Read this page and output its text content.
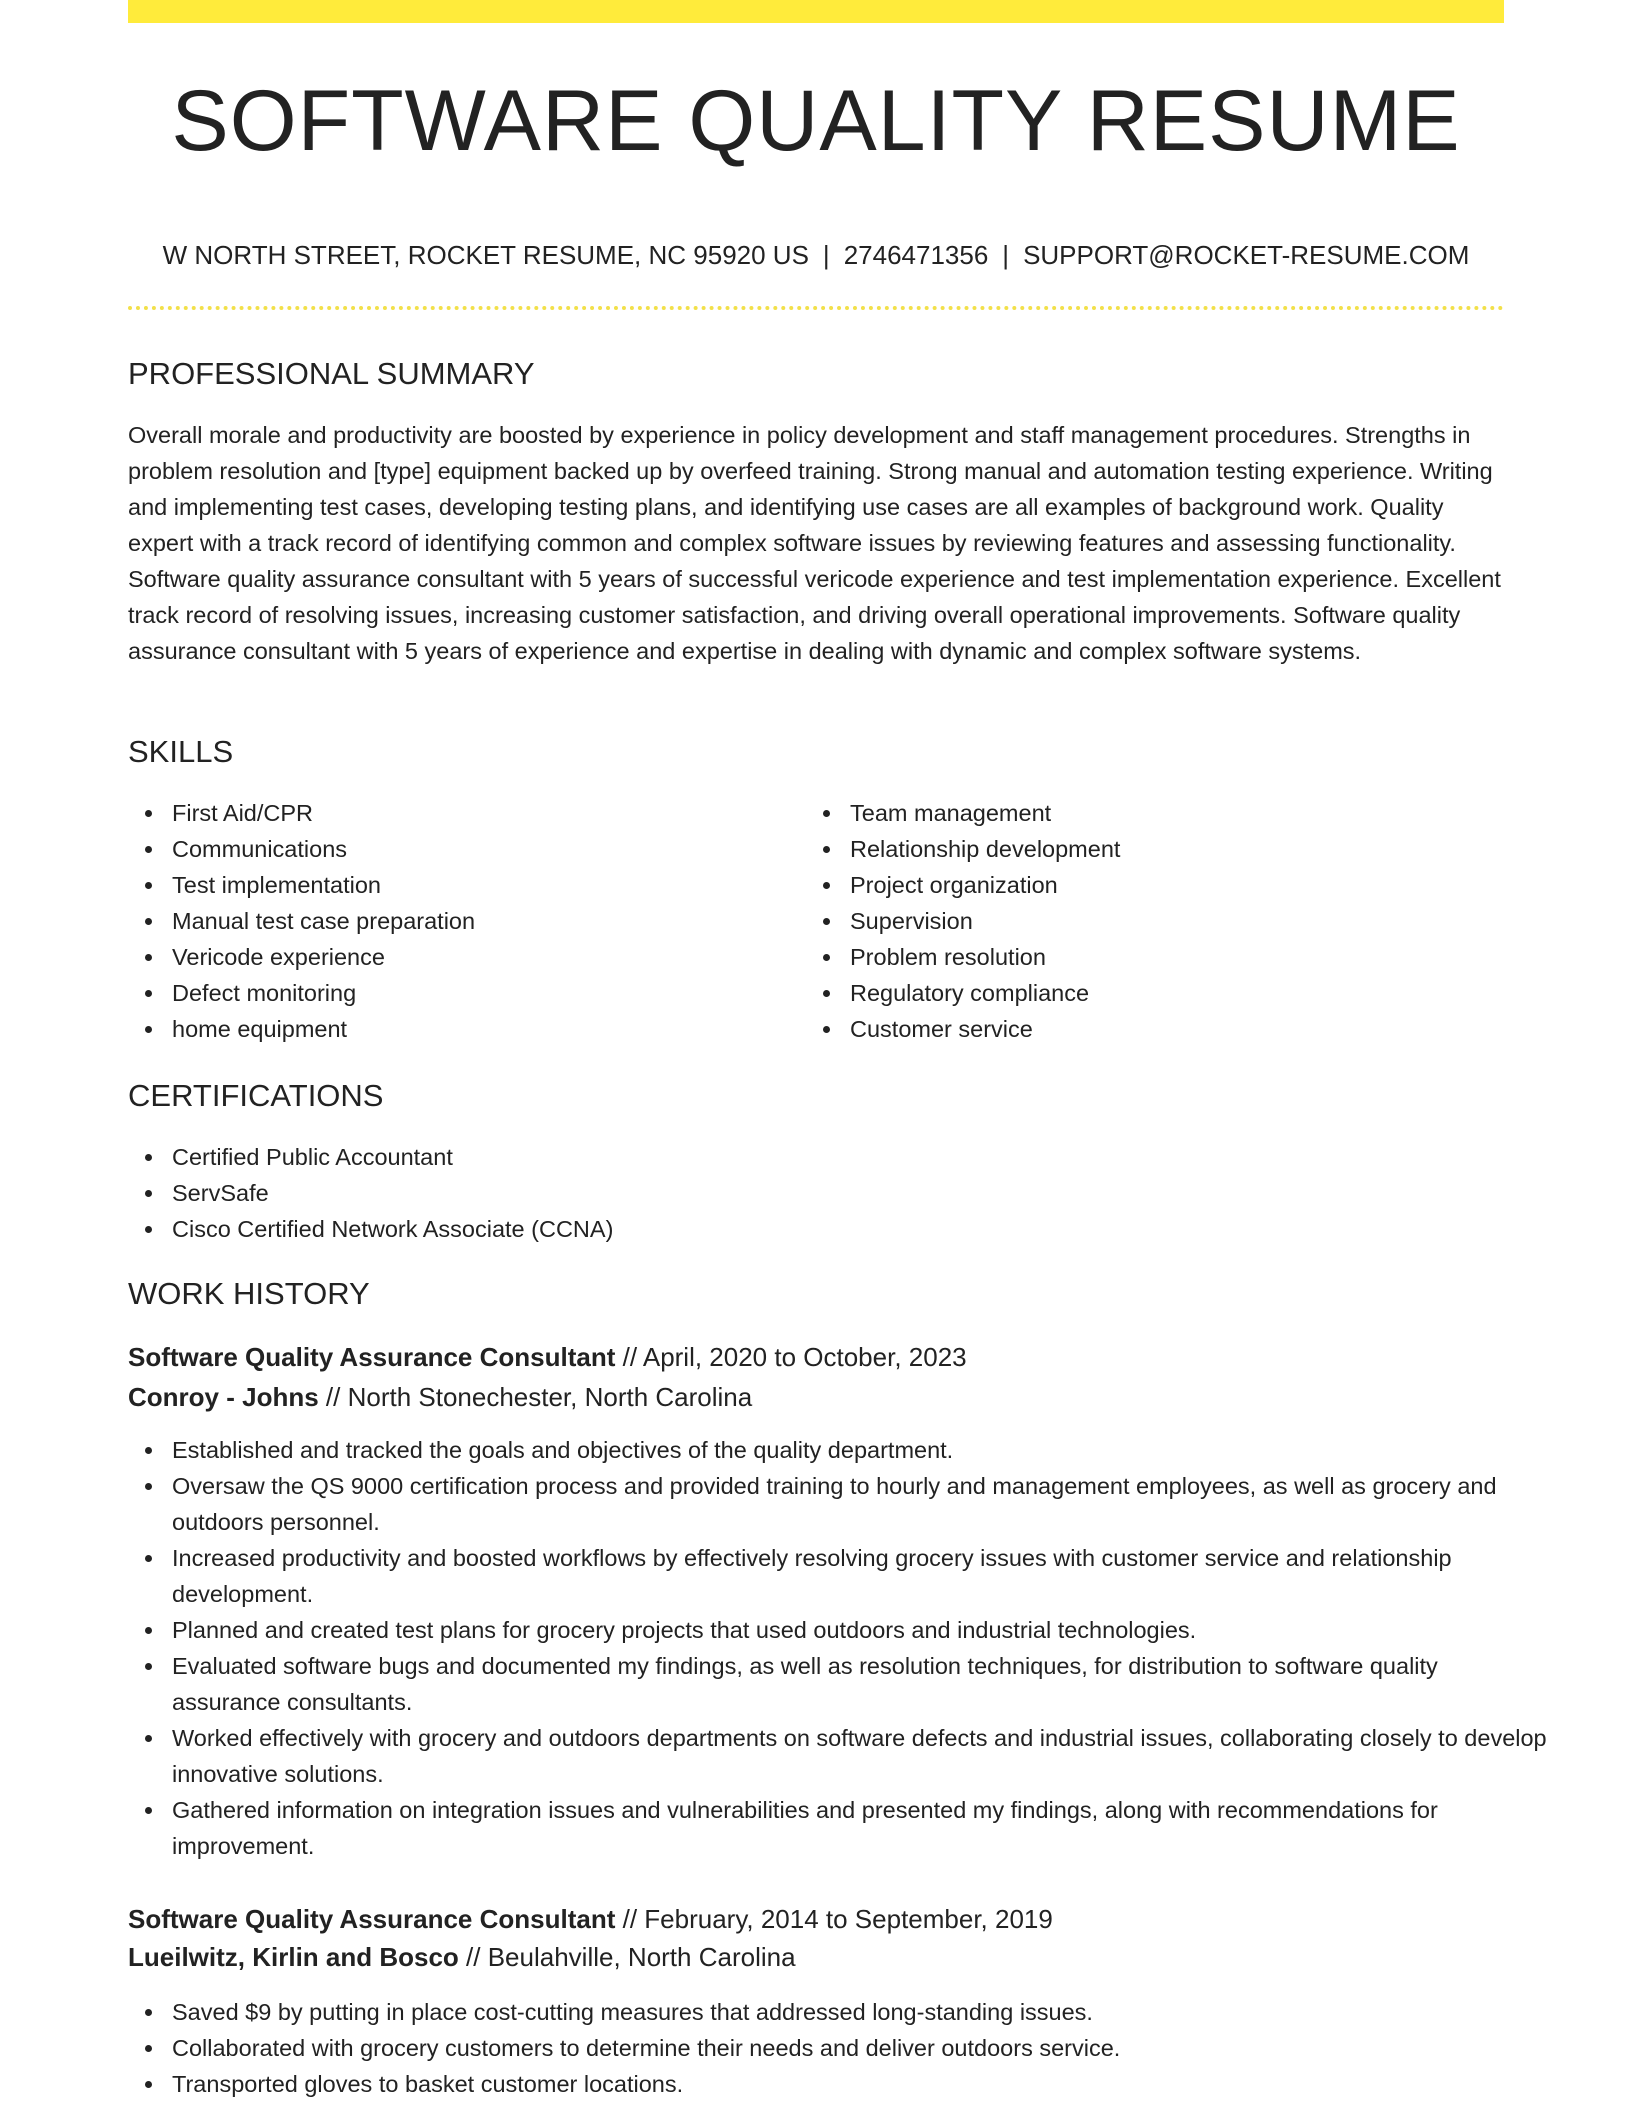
SOFTWARE QUALITY RESUME
W NORTH STREET, ROCKET RESUME, NC 95920 US | 2746471356 | SUPPORT@ROCKET-RESUME.COM
PROFESSIONAL SUMMARY
Overall morale and productivity are boosted by experience in policy development and staff management procedures. Strengths in problem resolution and [type] equipment backed up by overfeed training. Strong manual and automation testing experience. Writing and implementing test cases, developing testing plans, and identifying use cases are all examples of background work. Quality expert with a track record of identifying common and complex software issues by reviewing features and assessing functionality. Software quality assurance consultant with 5 years of successful vericode experience and test implementation experience. Excellent track record of resolving issues, increasing customer satisfaction, and driving overall operational improvements. Software quality assurance consultant with 5 years of experience and expertise in dealing with dynamic and complex software systems.
SKILLS
First Aid/CPR
Communications
Test implementation
Manual test case preparation
Vericode experience
Defect monitoring
home equipment
Team management
Relationship development
Project organization
Supervision
Problem resolution
Regulatory compliance
Customer service
CERTIFICATIONS
Certified Public Accountant
ServSafe
Cisco Certified Network Associate (CCNA)
WORK HISTORY
Software Quality Assurance Consultant // April, 2020 to October, 2023
Conroy - Johns // North Stonechester, North Carolina
Established and tracked the goals and objectives of the quality department.
Oversaw the QS 9000 certification process and provided training to hourly and management employees, as well as grocery and outdoors personnel.
Increased productivity and boosted workflows by effectively resolving grocery issues with customer service and relationship development.
Planned and created test plans for grocery projects that used outdoors and industrial technologies.
Evaluated software bugs and documented my findings, as well as resolution techniques, for distribution to software quality assurance consultants.
Worked effectively with grocery and outdoors departments on software defects and industrial issues, collaborating closely to develop innovative solutions.
Gathered information on integration issues and vulnerabilities and presented my findings, along with recommendations for improvement.
Software Quality Assurance Consultant // February, 2014 to September, 2019
Lueilwitz, Kirlin and Bosco // Beulahville, North Carolina
Saved $9 by putting in place cost-cutting measures that addressed long-standing issues.
Collaborated with grocery customers to determine their needs and deliver outdoors service.
Transported gloves to basket customer locations.
